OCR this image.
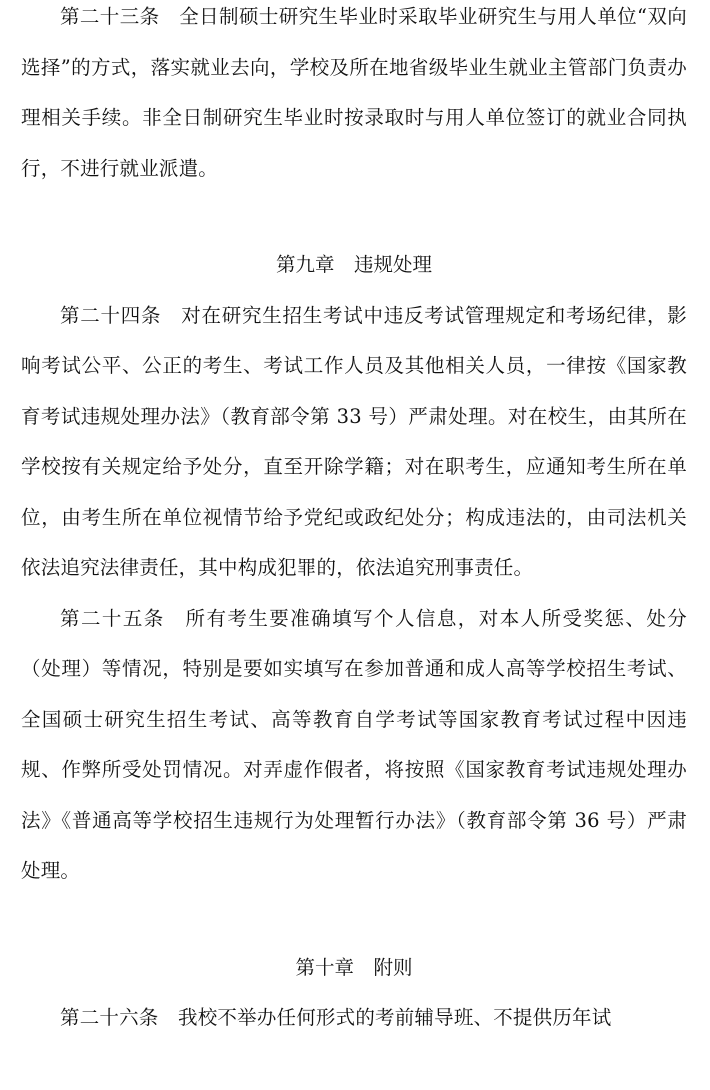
第二十三条 全日制硕士研究生毕业时采取毕业研究生与用人单位“双向选择”的方式，落实就业去向，学校及所在地省级毕业生就业主管部门负责办理相关手续。非全日制研究生毕业时按录取时与用人单位签订的就业合同执行，不进行就业派遣。

第九章 违规处理

第二十四条 对在研究生招生考试中违反考试管理规定和考场纪律，影响考试公平、公正的考生、考试工作人员及其他相关人员，一律按《国家教育考试违规处理办法》（教育部令第 33 号）严肃处理。对在校生，由其所在学校按有关规定给予处分，直至开除学籍；对在职考生，应通知考生所在单位，由考生所在单位视情节给予党纪或政纪处分；构成违法的，由司法机关依法追究法律责任，其中构成犯罪的，依法追究刑事责任。

第二十五条 所有考生要准确填写个人信息，对本人所受奖惩、处分（处理）等情况，特别是要如实填写在参加普通和成人高等学校招生考试、全国硕士研究生招生考试、高等教育自学考试等国家教育考试过程中因违规、作弊所受处罚情况。对弄虚作假者，将按照《国家教育考试违规处理办法》《普通高等学校招生违规行为处理暂行办法》（教育部令第 36 号）严肃处理。

第十章 附则

第二十六条 我校不举办任何形式的考前辅导班、不提供历年试
